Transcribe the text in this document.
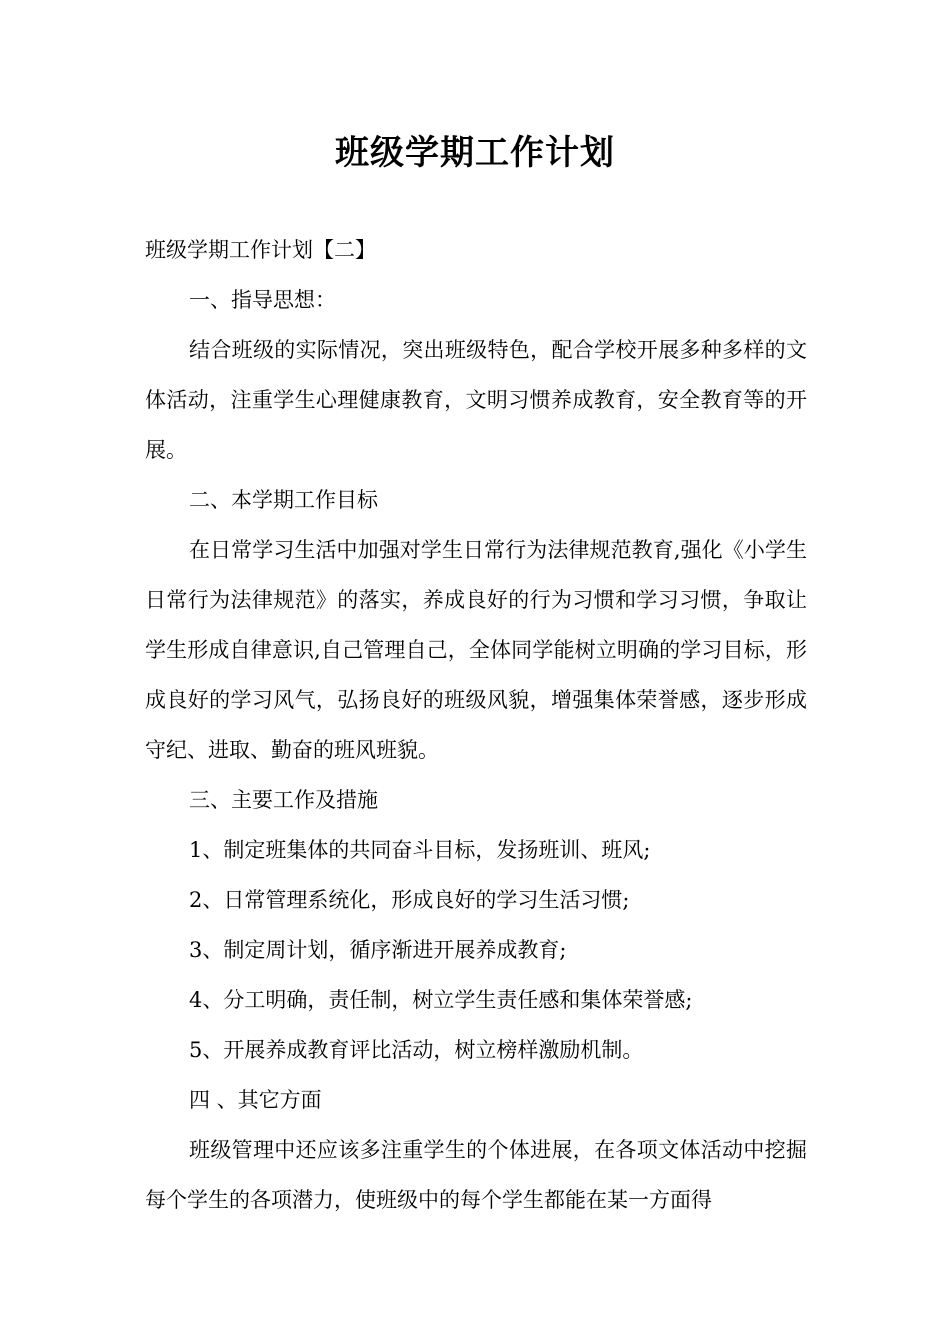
班级学期工作计划

班级学期工作计划【二】

一、指导思想：

结合班级的实际情况，突出班级特色，配合学校开展多种多样的文体活动，注重学生心理健康教育，文明习惯养成教育，安全教育等的开展。

二、本学期工作目标

在日常学习生活中加强对学生日常行为法律规范教育,强化《小学生日常行为法律规范》的落实，养成良好的行为习惯和学习习惯，争取让学生形成自律意识,自己管理自己，全体同学能树立明确的学习目标，形成良好的学习风气，弘扬良好的班级风貌，增强集体荣誉感，逐步形成守纪、进取、勤奋的班风班貌。

三、主要工作及措施

1、制定班集体的共同奋斗目标，发扬班训、班风;

2、日常管理系统化，形成良好的学习生活习惯;

3、制定周计划，循序渐进开展养成教育;

4、分工明确，责任制，树立学生责任感和集体荣誉感;

5、开展养成教育评比活动，树立榜样激励机制。

四 、其它方面

班级管理中还应该多注重学生的个体进展，在各项文体活动中挖掘每个学生的各项潜力，使班级中的每个学生都能在某一方面得
